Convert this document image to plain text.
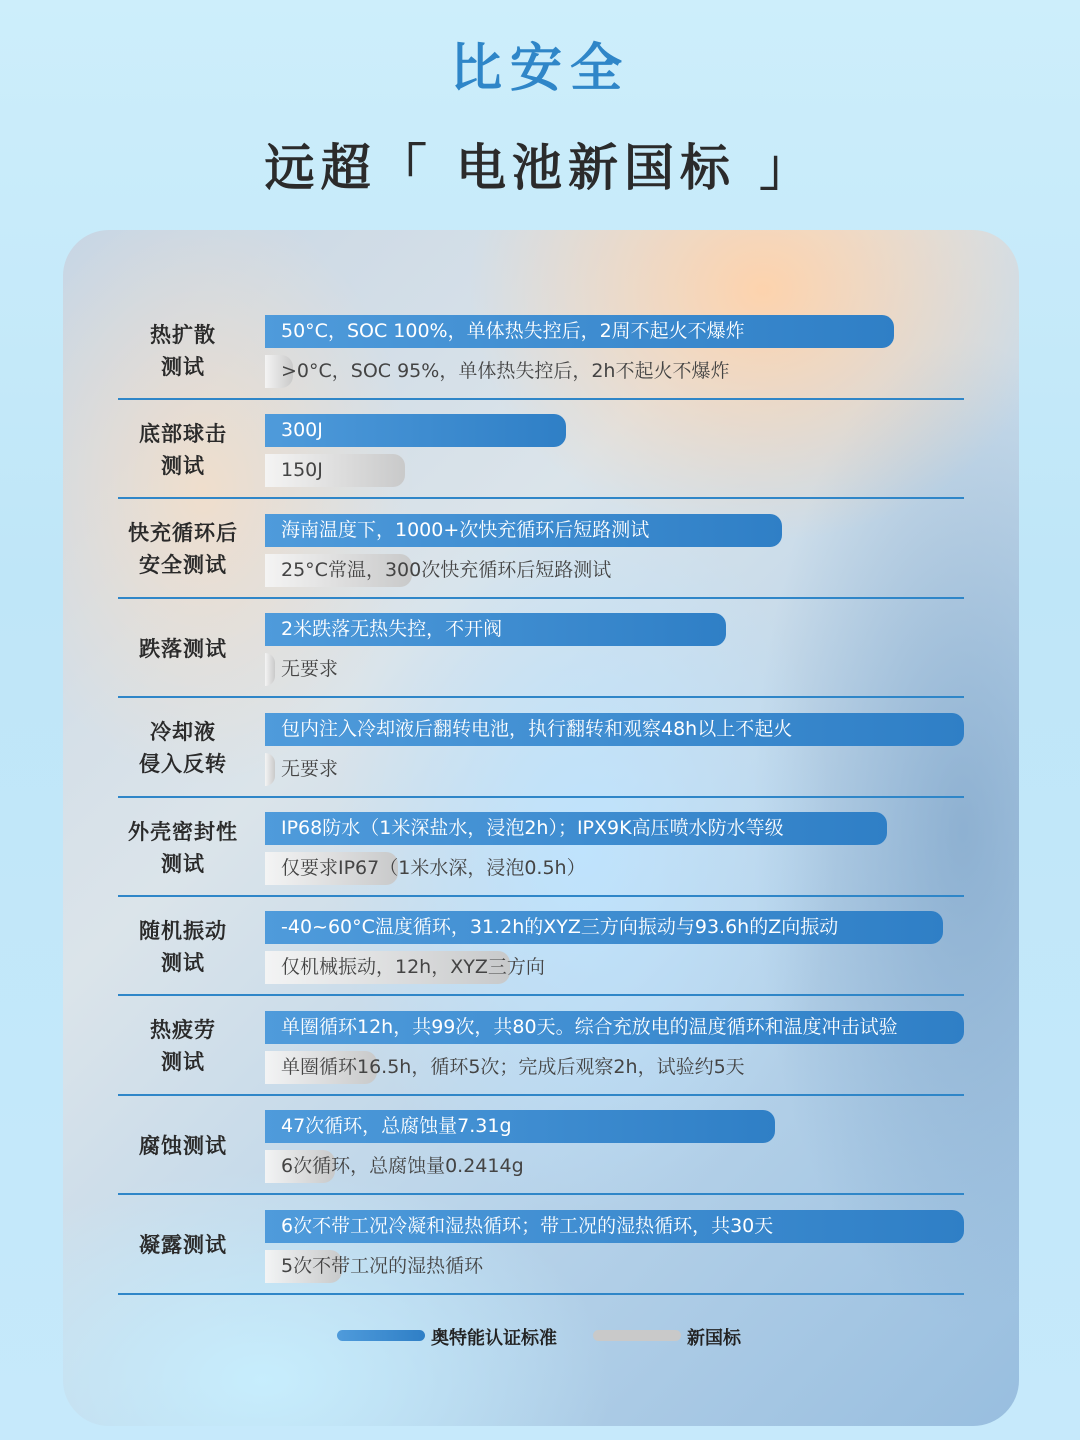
比安全
远超「 电池新国标 」
热扩散
测试
50°C，SOC 100%，单体热失控后，2周不起火不爆炸
>0°C，SOC 95%，单体热失控后，2h不起火不爆炸
底部球击
测试
300J
150J
快充循环后
安全测试
海南温度下，1000+次快充循环后短路测试
25°C常温，300次快充循环后短路测试
跌落测试
2米跌落无热失控，不开阀
无要求
冷却液
侵入反转
包内注入冷却液后翻转电池，执行翻转和观察48h以上不起火
无要求
外壳密封性
测试
IP68防水（1米深盐水，浸泡2h）；IPX9K高压喷水防水等级
仅要求IP67（1米水深，浸泡0.5h）
随机振动
测试
-40~60°C温度循环，31.2h的XYZ三方向振动与93.6h的Z向振动
仅机械振动，12h，XYZ三方向
热疲劳
测试
单圈循环12h，共99次，共80天。综合充放电的温度循环和温度冲击试验
单圈循环16.5h，循环5次；完成后观察2h，试验约5天
腐蚀测试
47次循环，总腐蚀量7.31g
6次循环，总腐蚀量0.2414g
凝露测试
6次不带工况冷凝和湿热循环；带工况的湿热循环，共30天
5次不带工况的湿热循环
奥特能认证标准	新国标
